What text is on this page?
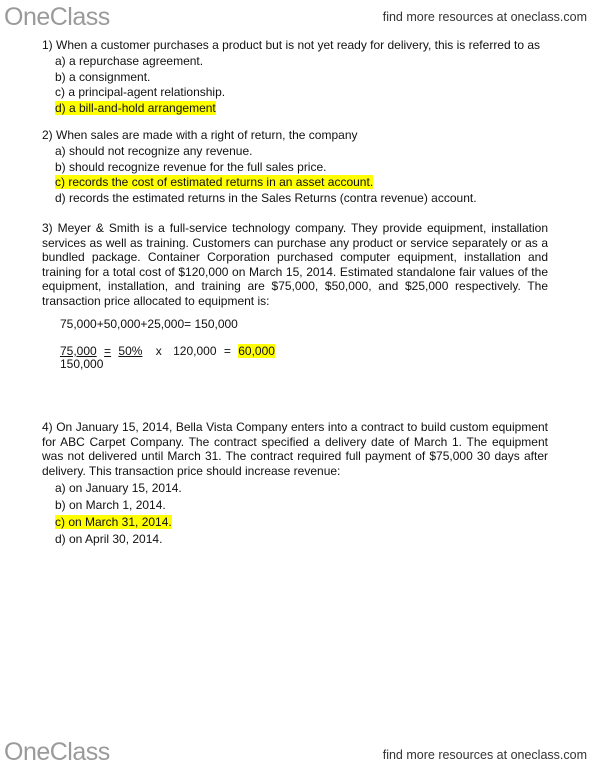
OneClass	find more resources at oneclass.com
1) When a customer purchases a product but is not yet ready for delivery, this is referred to as
a) a repurchase agreement.
b) a consignment.
c) a principal-agent relationship.
d) a bill-and-hold arrangement
2) When sales are made with a right of return, the company
a) should not recognize any revenue.
b) should recognize revenue for the full sales price.
c) records the cost of estimated returns in an asset account.
d) records the estimated returns in the Sales Returns (contra revenue) account.
3) Meyer & Smith is a full-service technology company. They provide equipment, installation services as well as training. Customers can purchase any product or service separately or as a bundled package. Container Corporation purchased computer equipment, installation and training for a total cost of $120,000 on March 15, 2014. Estimated standalone fair values of the equipment, installation, and training are $75,000, $50,000, and $25,000 respectively. The transaction price allocated to equipment is:
75,000+50,000+25,000= 150,000
75,000 = 50% x 120,000 = 60,000
150,000
4) On January 15, 2014, Bella Vista Company enters into a contract to build custom equipment for ABC Carpet Company. The contract specified a delivery date of March 1. The equipment was not delivered until March 31. The contract required full payment of $75,000 30 days after delivery. This transaction price should increase revenue:
a) on January 15, 2014.
b) on March 1, 2014.
c) on March 31, 2014.
d) on April 30, 2014.
OneClass	find more resources at oneclass.com
